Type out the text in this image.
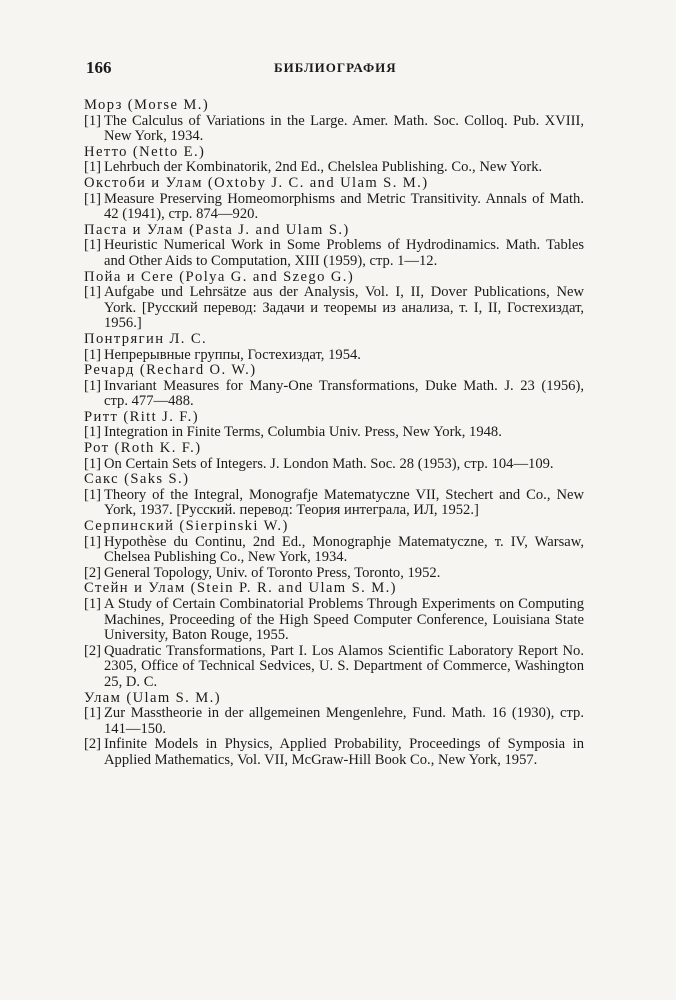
166	БИБЛИОГРАФИЯ
Морз (Morse M.)
[1] The Calculus of Variations in the Large. Amer. Math. Soc. Colloq. Pub. XVIII, New York, 1934.
Нетто (Netto E.)
[1] Lehrbuch der Kombinatorik, 2nd Ed., Chelslea Publishing. Co., New York.
Окстоби и Улам (Oxtoby J. C. and Ulam S. M.)
[1] Measure Preserving Homeomorphisms and Metric Transitivity. Annals of Math. 42 (1941), стр. 874—920.
Паста и Улам (Pasta J. and Ulam S.)
[1] Heuristic Numerical Work in Some Problems of Hydrodinamics. Math. Tables and Other Aids to Computation, XIII (1959), стр. 1—12.
Пойа и Cere (Polya G. and Szego G.)
[1] Aufgabe und Lehrsätze aus der Analysis, Vol. I, II, Dover Publications, New York. [Русский перевод: Задачи и теоремы из анализа, т. I, II, Гостехиздат, 1956.]
Понтрягин Л. С.
[1] Непрерывные группы, Гостехиздат, 1954.
Речард (Rechard O. W.)
[1] Invariant Measures for Many-One Transformations, Duke Math. J. 23 (1956), стр. 477—488.
Ритт (Ritt J. F.)
[1] Integration in Finite Terms, Columbia Univ. Press, New York, 1948.
Рот (Roth K. F.)
[1] On Certain Sets of Integers. J. London Math. Soc. 28 (1953), стр. 104—109.
Сакс (Saks S.)
[1] Theory of the Integral, Monografje Matematyczne VII, Stechert and Co., New York, 1937. [Русский. перевод: Теория интеграла, ИЛ, 1952.]
Серпинский (Sierpinski W.)
[1] Hypothèse du Continu, 2nd Ed., Monographje Matematyczne, т. IV, Warsaw, Chelsea Publishing Co., New York, 1934.
[2] General Topology, Univ. of Toronto Press, Toronto, 1952.
Стейн и Улам (Stein P. R. and Ulam S. M.)
[1] A Study of Certain Combinatorial Problems Through Experiments on Computing Machines, Proceeding of the High Speed Computer Conference, Louisiana State University, Baton Rouge, 1955.
[2] Quadratic Transformations, Part I. Los Alamos Scientific Laboratory Report No. 2305, Office of Technical Sedvices, U. S. Department of Commerce, Washington 25, D. C.
Улам (Ulam S. M.)
[1] Zur Masstheorie in der allgemeinen Mengenlehre, Fund. Math. 16 (1930), стр. 141—150.
[2] Infinite Models in Physics, Applied Probability, Proceedings of Symposia in Applied Mathematics, Vol. VII, McGraw-Hill Book Co., New York, 1957.
